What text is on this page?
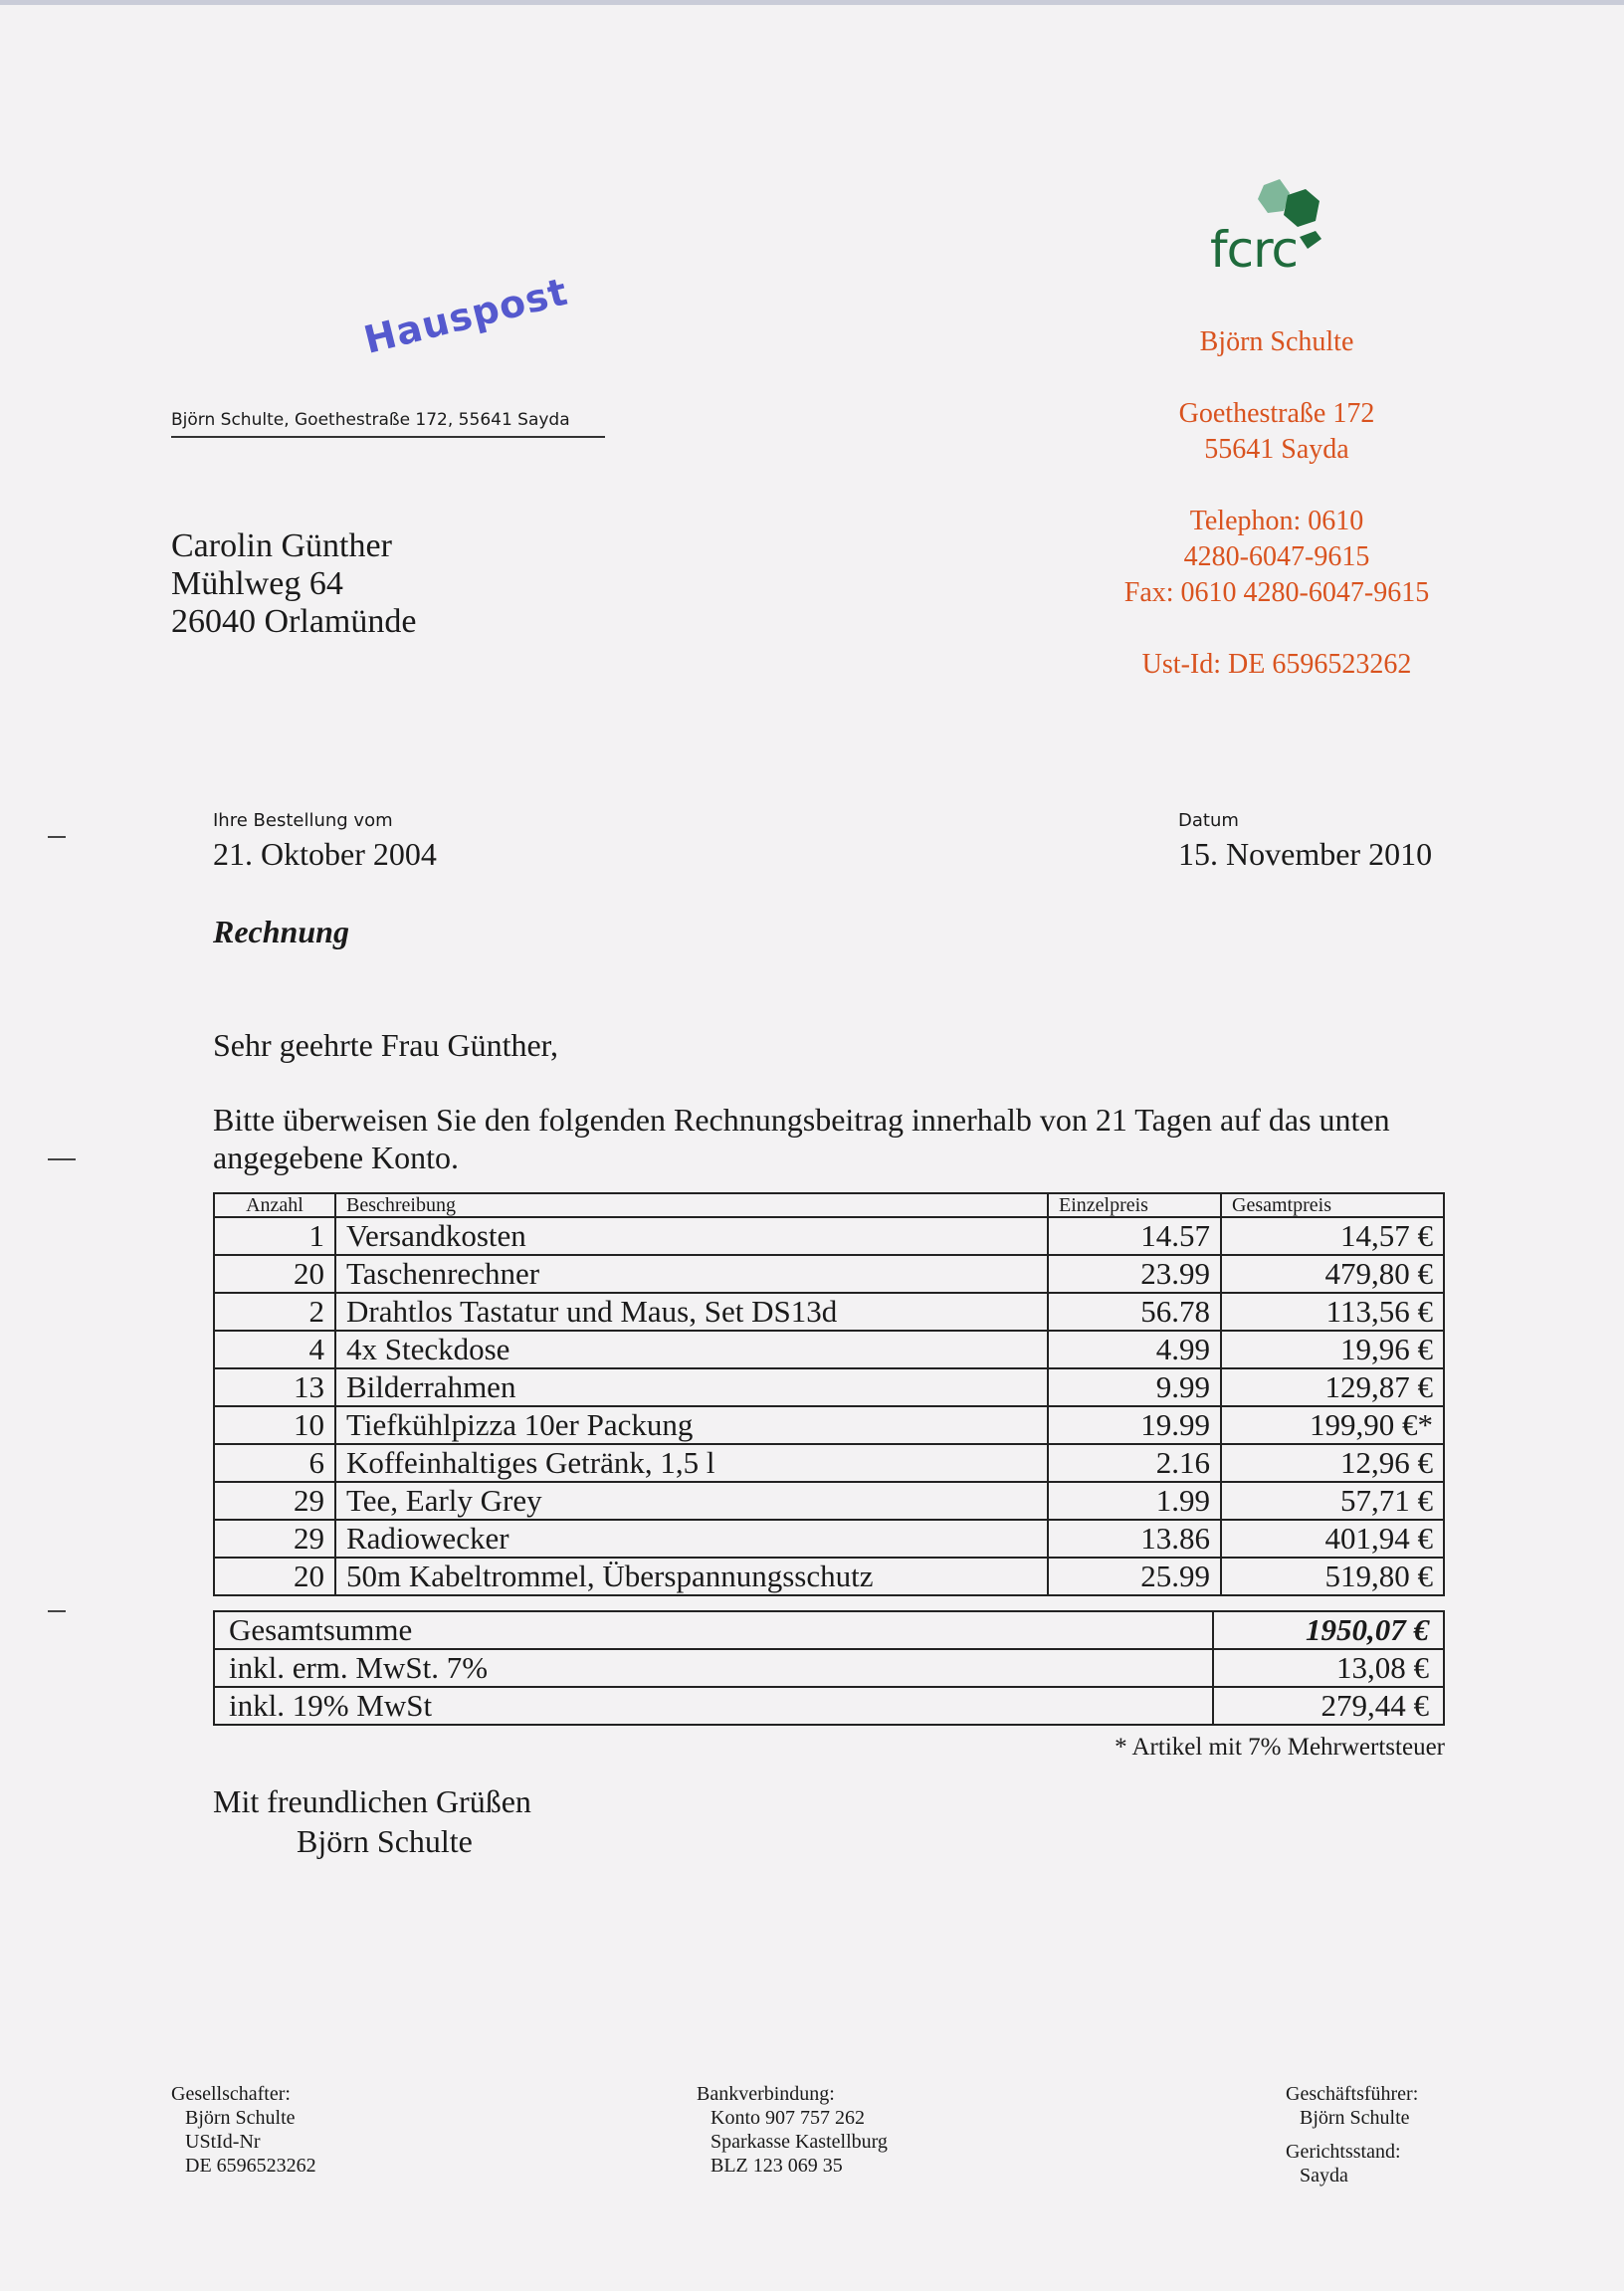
Hauspost
Björn Schulte, Goethestraße 172, 55641 Sayda
Carolin Günther
Mühlweg 64
26040 Orlamünde
fcrc
Björn Schulte
Goethestraße 172
55641 Sayda
Telephon: 0610
4280-6047-9615
Fax: 0610 4280-6047-9615
Ust-Id: DE 6596523262
Ihre Bestellung vom
21. Oktober 2004
Datum
15. November 2010
Rechnung
Sehr geehrte Frau Günther,
Bitte überweisen Sie den folgenden Rechnungsbeitrag innerhalb von 21 Tagen auf das unten angegebene Konto.
Anzahl	Beschreibung	Einzelpreis	Gesamtpreis
1	Versandkosten	14.57	14,57 €
20	Taschenrechner	23.99	479,80 €
2	Drahtlos Tastatur und Maus, Set DS13d	56.78	113,56 €
4	4x Steckdose	4.99	19,96 €
13	Bilderrahmen	9.99	129,87 €
10	Tiefkühlpizza 10er Packung	19.99	199,90 €*
6	Koffeinhaltiges Getränk, 1,5 l	2.16	12,96 €
29	Tee, Early Grey	1.99	57,71 €
29	Radiowecker	13.86	401,94 €
20	50m Kabeltrommel, Überspannungsschutz	25.99	519,80 €
Gesamtsumme	1950,07 €
inkl. erm. MwSt. 7%	13,08 €
inkl. 19% MwSt	279,44 €
* Artikel mit 7% Mehrwertsteuer
Mit freundlichen Grüßen
Björn Schulte
Gesellschafter:
Björn Schulte
UStId-Nr
DE 6596523262
Bankverbindung:
Konto 907 757 262
Sparkasse Kastellburg
BLZ 123 069 35
Geschäftsführer:
Björn Schulte
Gerichtsstand:
Sayda
